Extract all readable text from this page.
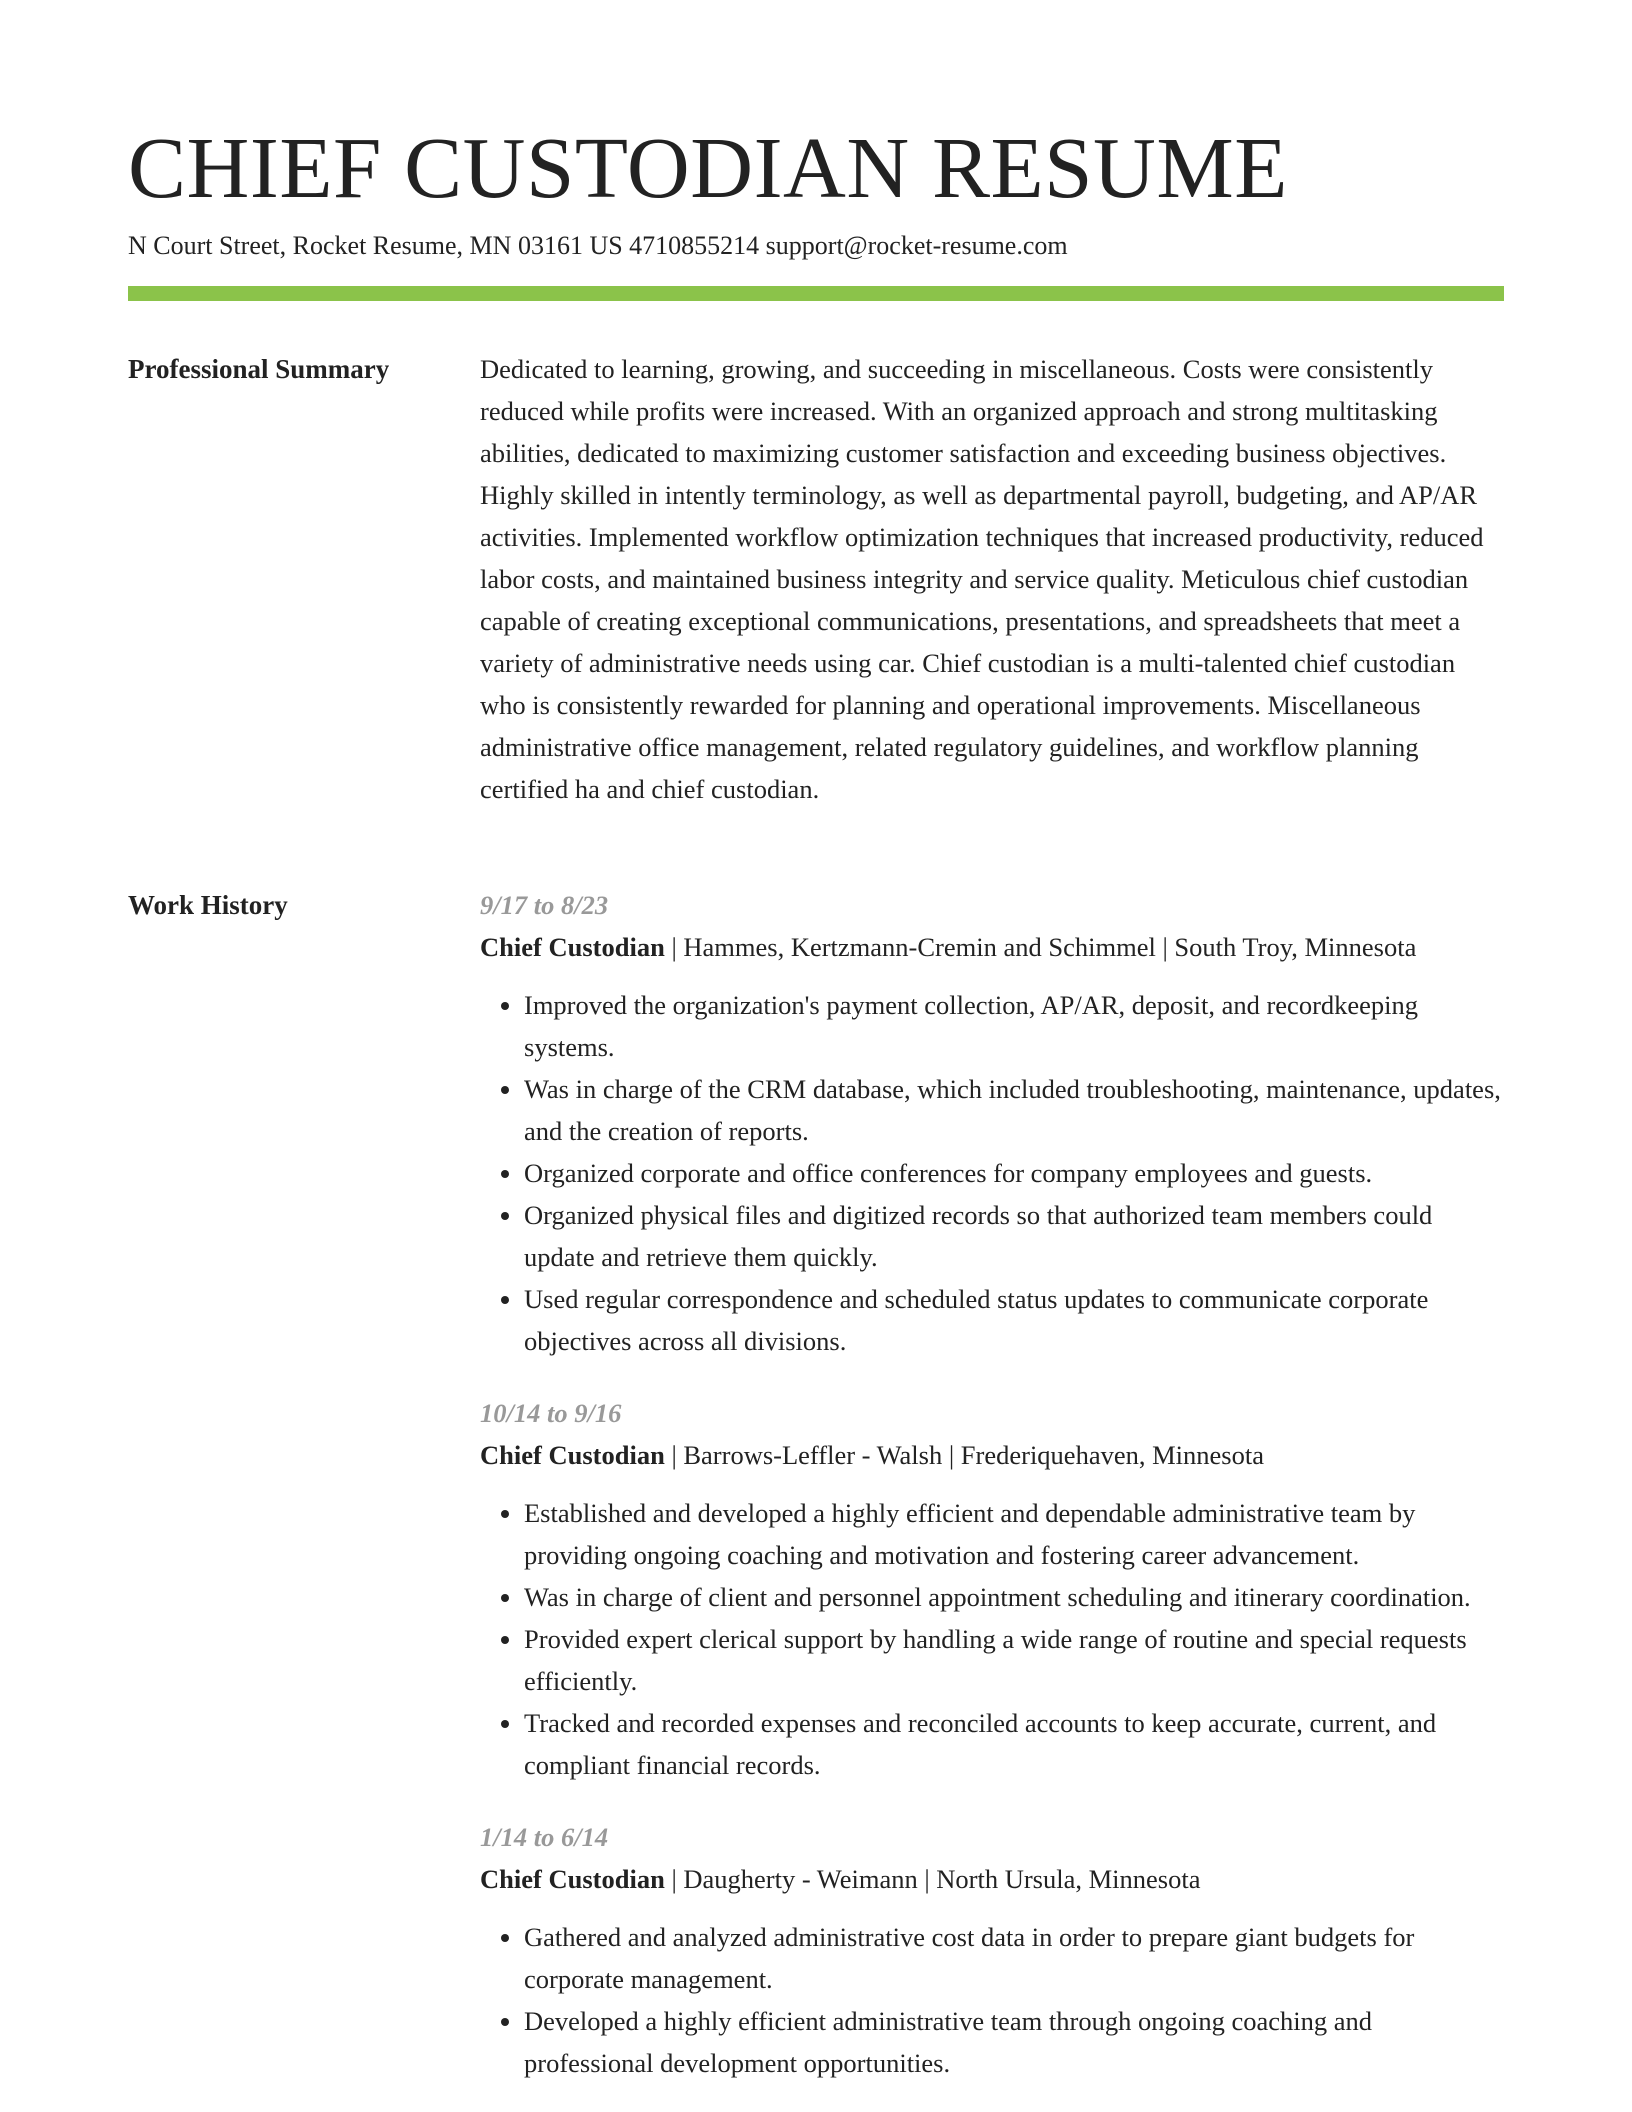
CHIEF CUSTODIAN RESUME
N Court Street, Rocket Resume, MN 03161 US 4710855214 support@rocket-resume.com
Professional Summary	Dedicated to learning, growing, and succeeding in miscellaneous. Costs were consistently reduced while profits were increased. With an organized approach and strong multitasking abilities, dedicated to maximizing customer satisfaction and exceeding business objectives. Highly skilled in intently terminology, as well as departmental payroll, budgeting, and AP/AR activities. Implemented workflow optimization techniques that increased productivity, reduced labor costs, and maintained business integrity and service quality. Meticulous chief custodian capable of creating exceptional communications, presentations, and spreadsheets that meet a variety of administrative needs using car. Chief custodian is a multi-talented chief custodian who is consistently rewarded for planning and operational improvements. Miscellaneous administrative office management, related regulatory guidelines, and workflow planning certified ha and chief custodian.

Work History	9/17 to 8/23
Chief Custodian | Hammes, Kertzmann-Cremin and Schimmel | South Troy, Minnesota
• Improved the organization's payment collection, AP/AR, deposit, and recordkeeping systems.
• Was in charge of the CRM database, which included troubleshooting, maintenance, updates, and the creation of reports.
• Organized corporate and office conferences for company employees and guests.
• Organized physical files and digitized records so that authorized team members could update and retrieve them quickly.
• Used regular correspondence and scheduled status updates to communicate corporate objectives across all divisions.
10/14 to 9/16
Chief Custodian | Barrows-Leffler - Walsh | Frederiquehaven, Minnesota
• Established and developed a highly efficient and dependable administrative team by providing ongoing coaching and motivation and fostering career advancement.
• Was in charge of client and personnel appointment scheduling and itinerary coordination.
• Provided expert clerical support by handling a wide range of routine and special requests efficiently.
• Tracked and recorded expenses and reconciled accounts to keep accurate, current, and compliant financial records.
1/14 to 6/14
Chief Custodian | Daugherty - Weimann | North Ursula, Minnesota
• Gathered and analyzed administrative cost data in order to prepare giant budgets for corporate management.
• Developed a highly efficient administrative team through ongoing coaching and professional development opportunities.
